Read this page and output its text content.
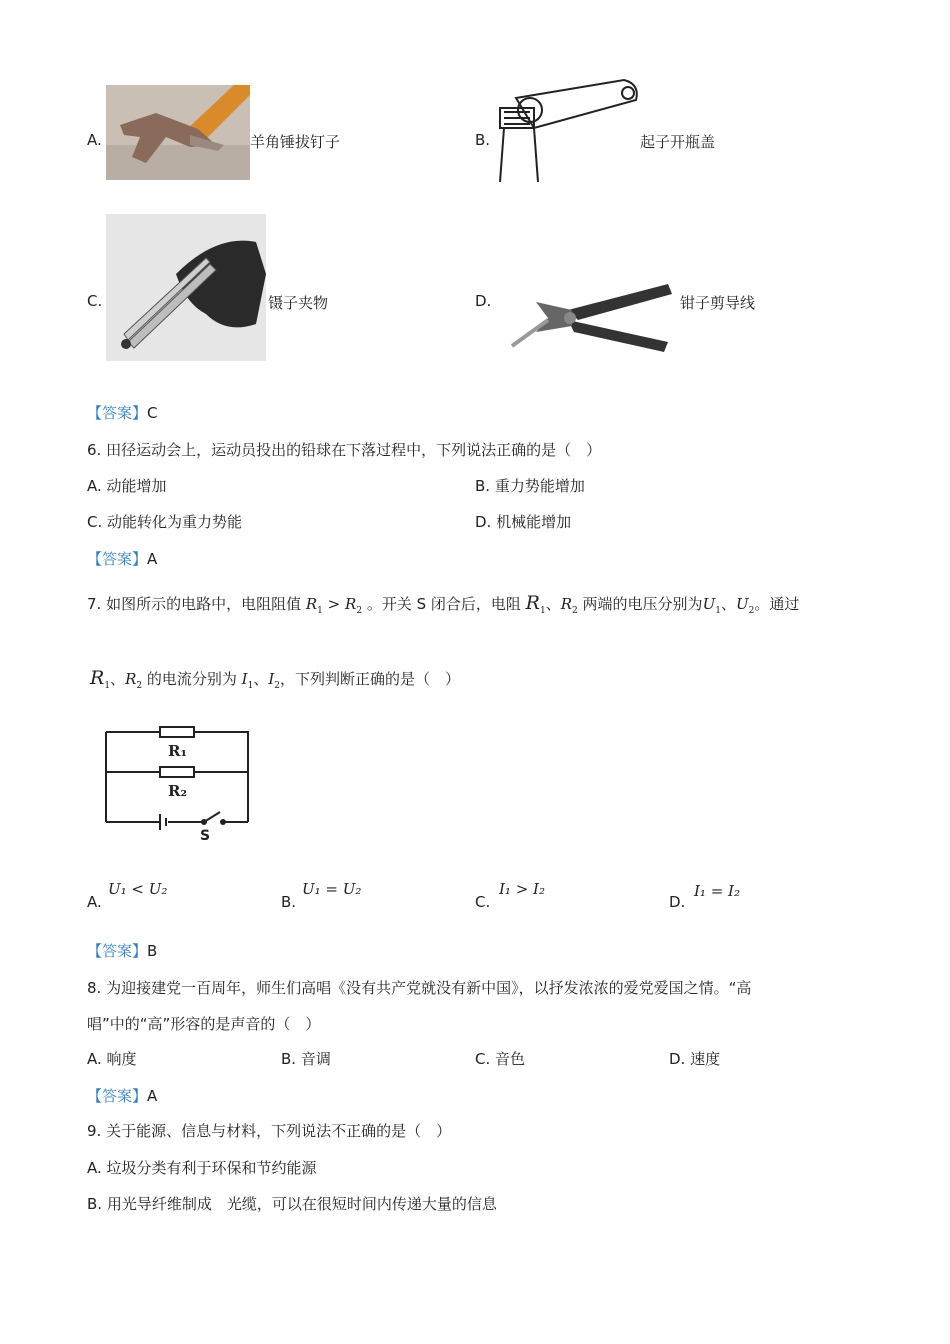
A.	羊角锤拔钉子	B.	起子开瓶盖
C.	镊子夹物	D.	钳子剪导线
【答案】C
6. 田径运动会上，运动员投出的铅球在下落过程中，下列说法正确的是（　）
A. 动能增加	B. 重力势能增加
C. 动能转化为重力势能	D. 机械能增加
【答案】A
7. 如图所示的电路中，电阻阻值 $R_1 > R_2$ 。开关 S 闭合后，电阻 $R_1$、$R_2$ 两端的电压分别为$U_1$、$U_2$。通过
$R_1$、$R_2$ 的电流分别为 $I_1$、$I_2$，下列判断正确的是（　）
R₁
R₂
S
A.
U₁ < U₂
B.
U₁ = U₂
C.
I₁ > I₂
D.
I₁ = I₂
【答案】B
8. 为迎接建党一百周年，师生们高唱《没有共产党就没有新中国》，以抒发浓浓的爱党爱国之情。“高
唱”中的“高”形容的是声音的（　）
A. 响度	B. 音调	C. 音色	D. 速度
【答案】A
9. 关于能源、信息与材料，下列说法不正确的是（　）
A. 垃圾分类有利于环保和节约能源
B. 用光导纤维制成　光缆，可以在很短时间内传递大量的信息
